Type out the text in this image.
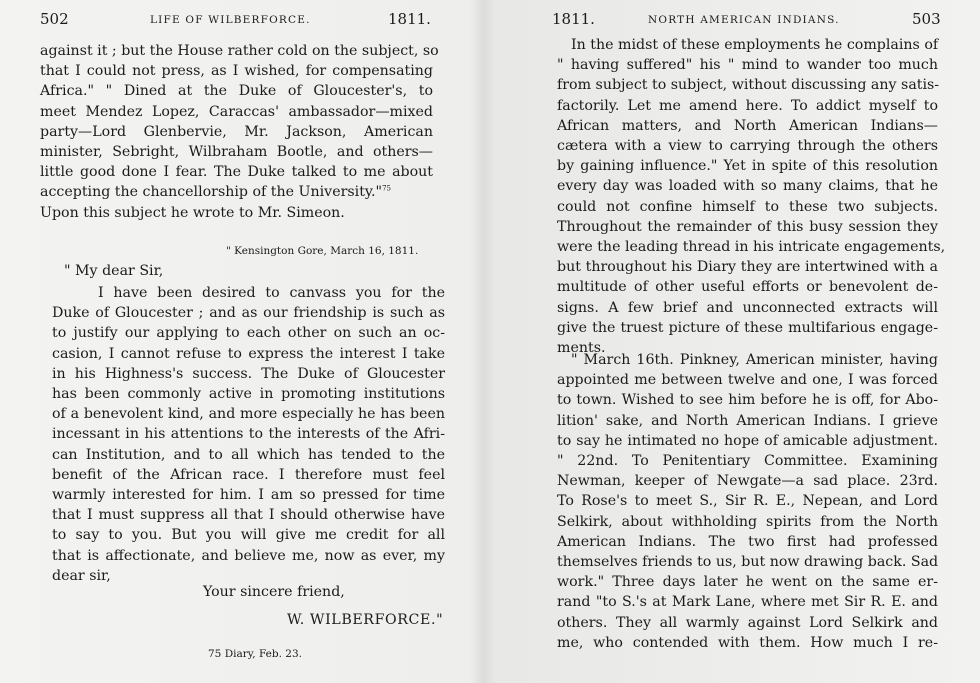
502	LIFE OF WILBERFORCE.	1811.
against it ; but the House rather cold on the subject, so
that I could not press, as I wished, for compensating
Africa." " Dined at the Duke of Gloucester's, to
meet Mendez Lopez, Caraccas' ambassador—mixed
party—Lord Glenbervie, Mr. Jackson, American
minister, Sebright, Wilbraham Bootle, and others—
little good done I fear. The Duke talked to me about
accepting the chancellorship of the University."$^{75}$
Upon this subject he wrote to Mr. Simeon.
" Kensington Gore, March 16, 1811.
" My dear Sir,
I have been desired to canvass you for the
Duke of Gloucester ; and as our friendship is such as
to justify our applying to each other on such an oc-
casion, I cannot refuse to express the interest I take
in his Highness's success. The Duke of Gloucester
has been commonly active in promoting institutions
of a benevolent kind, and more especially he has been
incessant in his attentions to the interests of the Afri-
can Institution, and to all which has tended to the
benefit of the African race. I therefore must feel
warmly interested for him. I am so pressed for time
that I must suppress all that I should otherwise have
to say to you. But you will give me credit for all
that is affectionate, and believe me, now as ever, my
dear sir,
Your sincere friend,
W. WILBERFORCE."
75 Diary, Feb. 23.
1811.	NORTH AMERICAN INDIANS.	503
In the midst of these employments he complains of
" having suffered" his " mind to wander too much
from subject to subject, without discussing any satis-
factorily. Let me amend here. To addict myself to
African matters, and North American Indians—
cætera with a view to carrying through the others
by gaining influence." Yet in spite of this resolution
every day was loaded with so many claims, that he
could not confine himself to these two subjects.
Throughout the remainder of this busy session they
were the leading thread in his intricate engagements,
but throughout his Diary they are intertwined with a
multitude of other useful efforts or benevolent de-
signs. A few brief and unconnected extracts will
give the truest picture of these multifarious engage-
ments.
" March 16th. Pinkney, American minister, having
appointed me between twelve and one, I was forced
to town. Wished to see him before he is off, for Abo-
lition' sake, and North American Indians. I grieve
to say he intimated no hope of amicable adjustment.
" 22nd. To Penitentiary Committee. Examining
Newman, keeper of Newgate—a sad place. 23rd.
To Rose's to meet S., Sir R. E., Nepean, and Lord
Selkirk, about withholding spirits from the North
American Indians. The two first had professed
themselves friends to us, but now drawing back. Sad
work." Three days later he went on the same er-
rand "to S.'s at Mark Lane, where met Sir R. E. and
others. They all warmly against Lord Selkirk and
me, who contended with them. How much I re-
